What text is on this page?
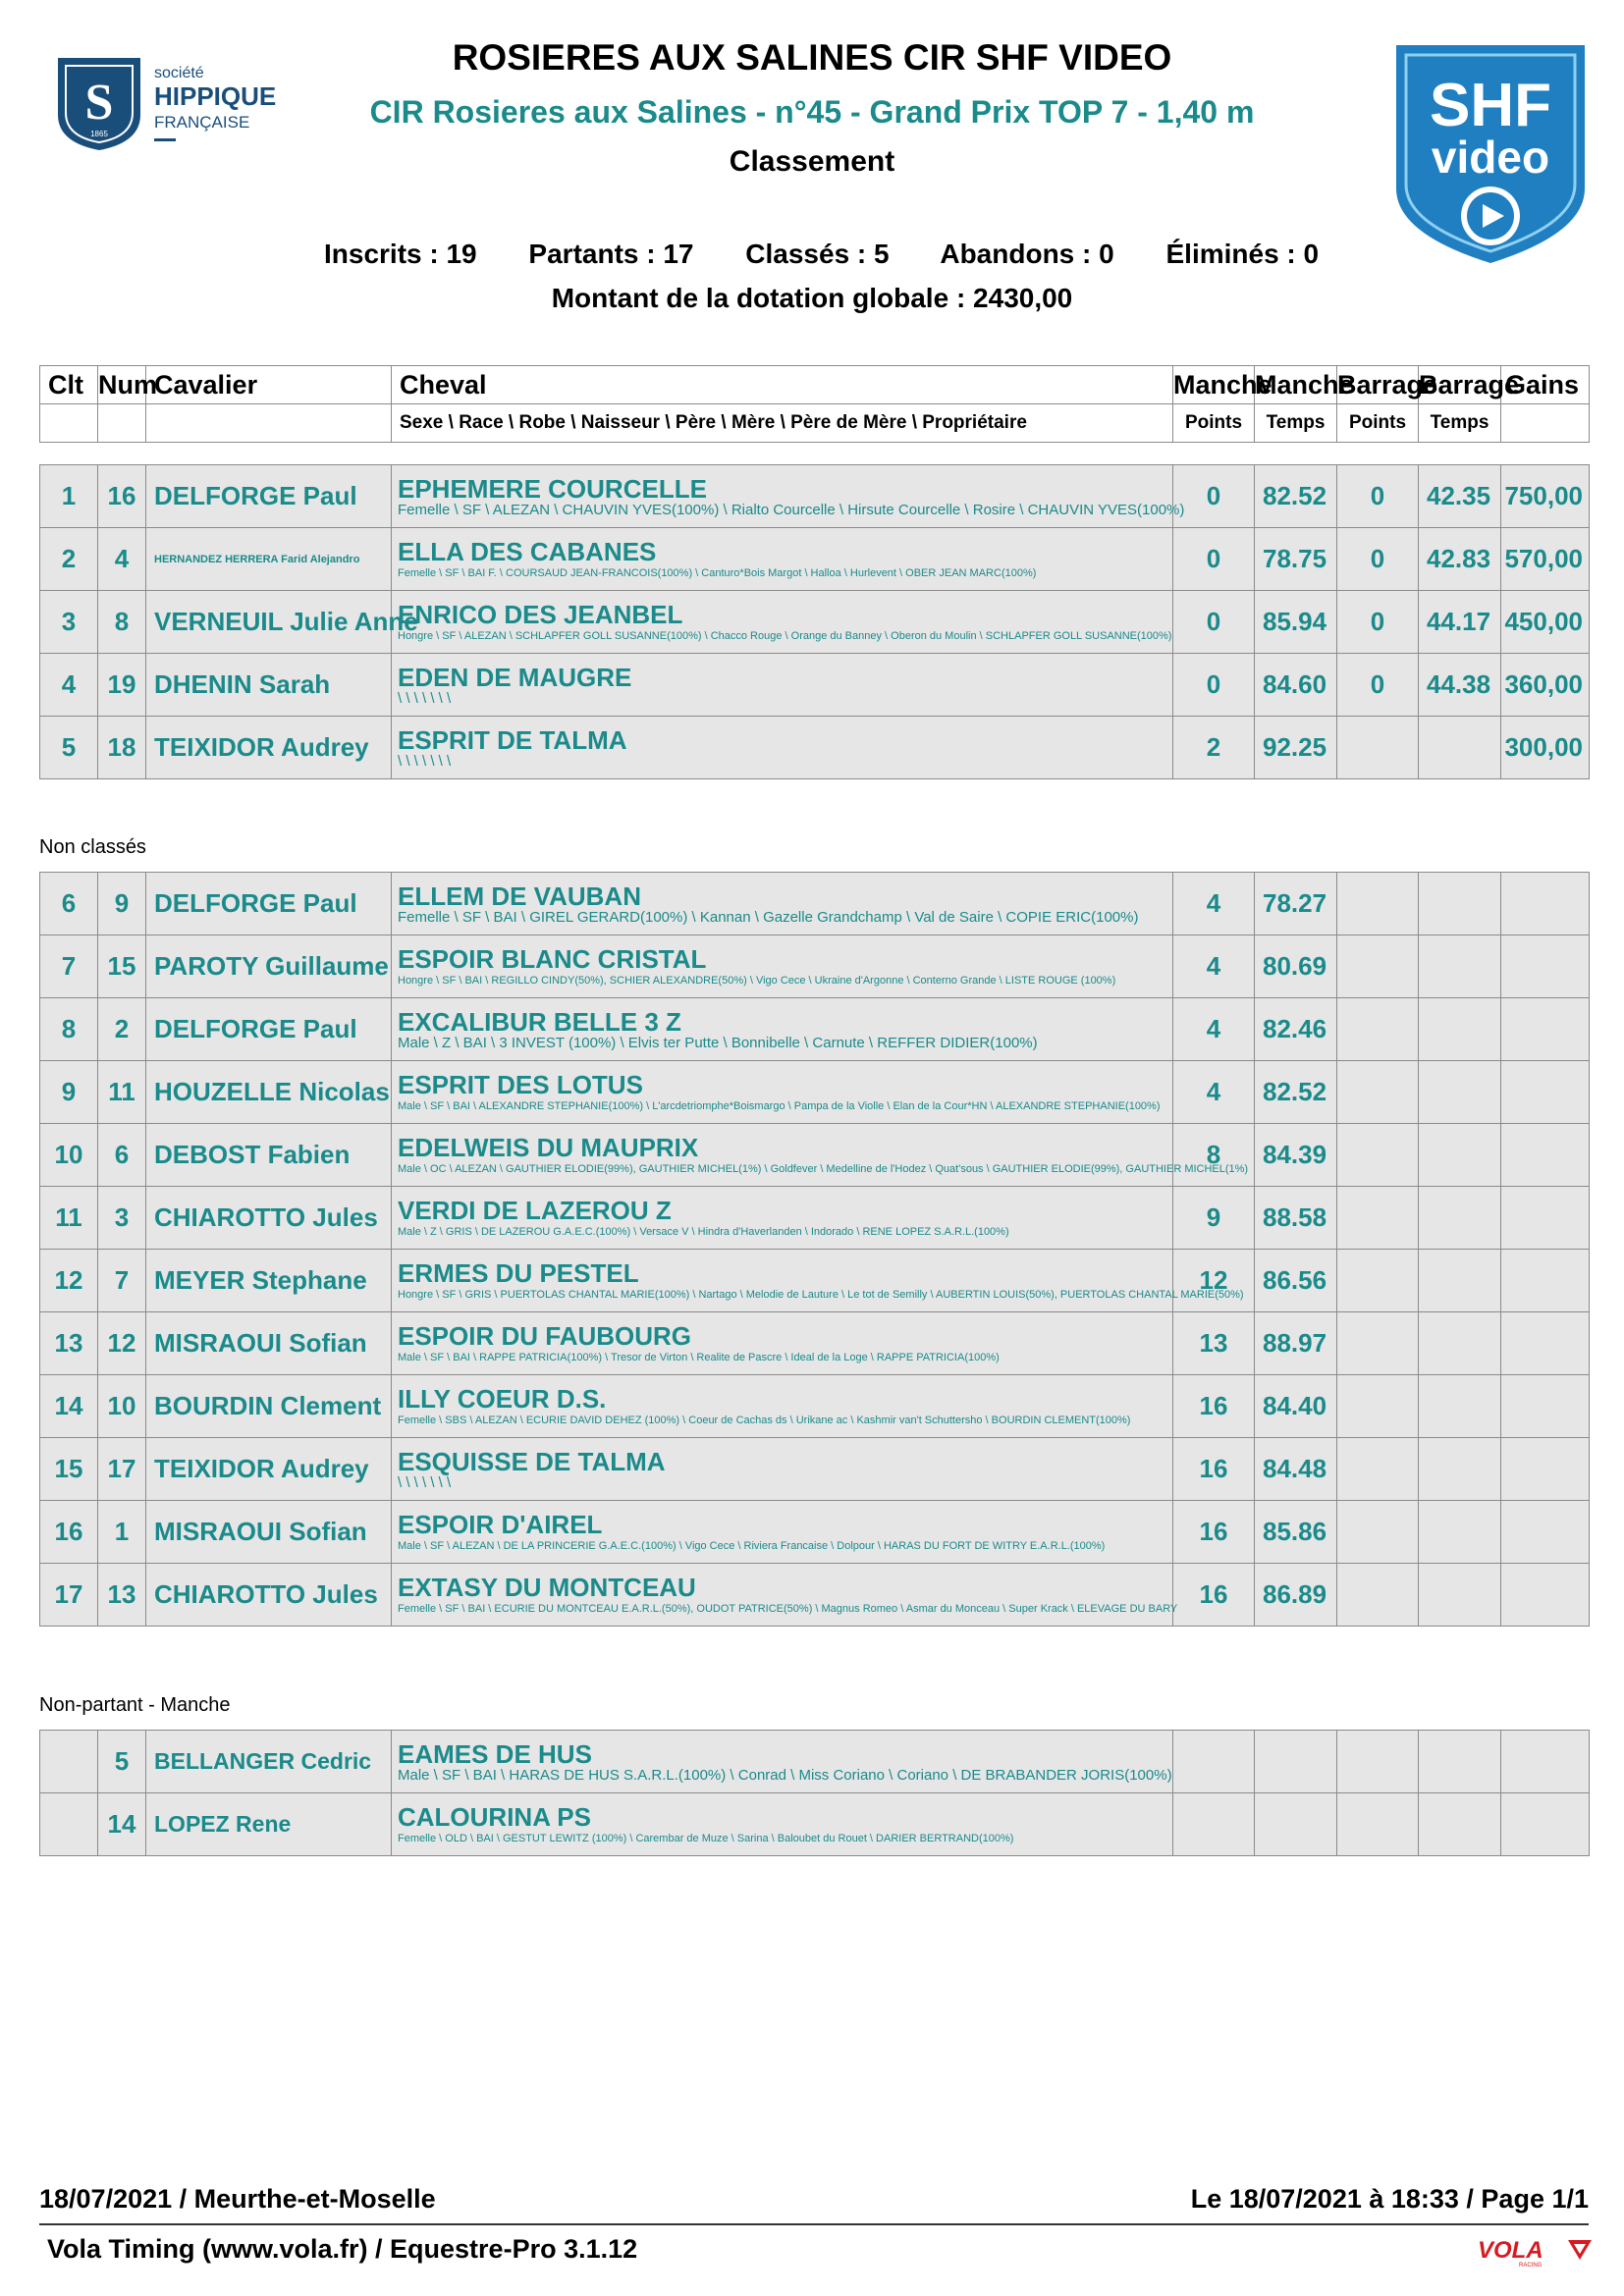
S
1865
société
HIPPIQUE
FRANÇAISE	SHF
video
ROSIERES AUX SALINES CIR SHF VIDEO
CIR Rosieres aux Salines - n°45 - Grand Prix TOP 7 - 1,40 m
Classement
Inscrits : 19 Partants : 17 Classés : 5 Abandons : 0 Éliminés : 0
Montant de la dotation globale : 2430,00
Clt	Num	Cavalier	Cheval	Manche	Manche	Barrage	Barrage	Gains
			Sexe \ Race \ Robe \ Naisseur \ Père \ Mère \ Père de Mère \ Propriétaire	Points	Temps	Points	Temps	
1	16	DELFORGE Paul	EPHEMERE COURCELLE
Femelle \ SF \ ALEZAN \ CHAUVIN YVES(100%) \ Rialto Courcelle \ Hirsute Courcelle \ Rosire \ CHAUVIN YVES(100%)	0	82.52	0	42.35	750,00
2	4	HERNANDEZ HERRERA Farid Alejandro	ELLA DES CABANES
Femelle \ SF \ BAI F. \ COURSAUD JEAN-FRANCOIS(100%) \ Canturo*Bois Margot \ Halloa \ Hurlevent \ OBER JEAN MARC(100%)	0	78.75	0	42.83	570,00
3	8	VERNEUIL Julie Anne	ENRICO DES JEANBEL
Hongre \ SF \ ALEZAN \ SCHLAPFER GOLL SUSANNE(100%) \ Chacco Rouge \ Orange du Banney \ Oberon du Moulin \ SCHLAPFER GOLL SUSANNE(100%)	0	85.94	0	44.17	450,00
4	19	DHENIN Sarah	EDEN DE MAUGRE
\ \ \ \ \ \ \	0	84.60	0	44.38	360,00
5	18	TEIXIDOR Audrey	ESPRIT DE TALMA
\ \ \ \ \ \ \	2	92.25			300,00
Non classés
6	9	DELFORGE Paul	ELLEM DE VAUBAN
Femelle \ SF \ BAI \ GIREL GERARD(100%) \ Kannan \ Gazelle Grandchamp \ Val de Saire \ COPIE ERIC(100%)	4	78.27			
7	15	PAROTY Guillaume	ESPOIR BLANC CRISTAL
Hongre \ SF \ BAI \ REGILLO CINDY(50%), SCHIER ALEXANDRE(50%) \ Vigo Cece \ Ukraine d'Argonne \ Conterno Grande \ LISTE ROUGE (100%)	4	80.69			
8	2	DELFORGE Paul	EXCALIBUR BELLE 3 Z
Male \ Z \ BAI \ 3 INVEST (100%) \ Elvis ter Putte \ Bonnibelle \ Carnute \ REFFER DIDIER(100%)	4	82.46			
9	11	HOUZELLE Nicolas	ESPRIT DES LOTUS
Male \ SF \ BAI \ ALEXANDRE STEPHANIE(100%) \ L'arcdetriomphe*Boismargo \ Pampa de la Violle \ Elan de la Cour*HN \ ALEXANDRE STEPHANIE(100%)	4	82.52			
10	6	DEBOST Fabien	EDELWEIS DU MAUPRIX
Male \ OC \ ALEZAN \ GAUTHIER ELODIE(99%), GAUTHIER MICHEL(1%) \ Goldfever \ Medelline de l'Hodez \ Quat'sous \ GAUTHIER ELODIE(99%), GAUTHIER MICHEL(1%)	8	84.39			
11	3	CHIAROTTO Jules	VERDI DE LAZEROU Z
Male \ Z \ GRIS \ DE LAZEROU G.A.E.C.(100%) \ Versace V \ Hindra d'Haverlanden \ Indorado \ RENE LOPEZ S.A.R.L.(100%)	9	88.58			
12	7	MEYER Stephane	ERMES DU PESTEL
Hongre \ SF \ GRIS \ PUERTOLAS CHANTAL MARIE(100%) \ Nartago \ Melodie de Lauture \ Le tot de Semilly \ AUBERTIN LOUIS(50%), PUERTOLAS CHANTAL MARIE(50%)	12	86.56			
13	12	MISRAOUI Sofian	ESPOIR DU FAUBOURG
Male \ SF \ BAI \ RAPPE PATRICIA(100%) \ Tresor de Virton \ Realite de Pascre \ Ideal de la Loge \ RAPPE PATRICIA(100%)	13	88.97			
14	10	BOURDIN Clement	ILLY COEUR D.S.
Femelle \ SBS \ ALEZAN \ ECURIE DAVID DEHEZ (100%) \ Coeur de Cachas ds \ Urikane ac \ Kashmir van't Schuttersho \ BOURDIN CLEMENT(100%)	16	84.40			
15	17	TEIXIDOR Audrey	ESQUISSE DE TALMA
\ \ \ \ \ \ \	16	84.48			
16	1	MISRAOUI Sofian	ESPOIR D'AIREL
Male \ SF \ ALEZAN \ DE LA PRINCERIE G.A.E.C.(100%) \ Vigo Cece \ Riviera Francaise \ Dolpour \ HARAS DU FORT DE WITRY E.A.R.L.(100%)	16	85.86			
17	13	CHIAROTTO Jules	EXTASY DU MONTCEAU
Femelle \ SF \ BAI \ ECURIE DU MONTCEAU E.A.R.L.(50%), OUDOT PATRICE(50%) \ Magnus Romeo \ Asmar du Monceau \ Super Krack \ ELEVAGE DU BARY	16	86.89			
Non-partant - Manche
	5	BELLANGER Cedric	EAMES DE HUS
Male \ SF \ BAI \ HARAS DE HUS S.A.R.L.(100%) \ Conrad \ Miss Coriano \ Coriano \ DE BRABANDER JORIS(100%)					

	14	LOPEZ Rene	CALOURINA PS
Femelle \ OLD \ BAI \ GESTUT LEWITZ (100%) \ Carembar de Muze \ Sarina \ Baloubet du Rouet \ DARIER BERTRAND(100%)					

18/07/2021 / Meurthe-et-Moselle	Le 18/07/2021 à 18:33 / Page 1/1
Vola Timing (www.vola.fr) / Equestre-Pro 3.1.12	VOLA
RACING
